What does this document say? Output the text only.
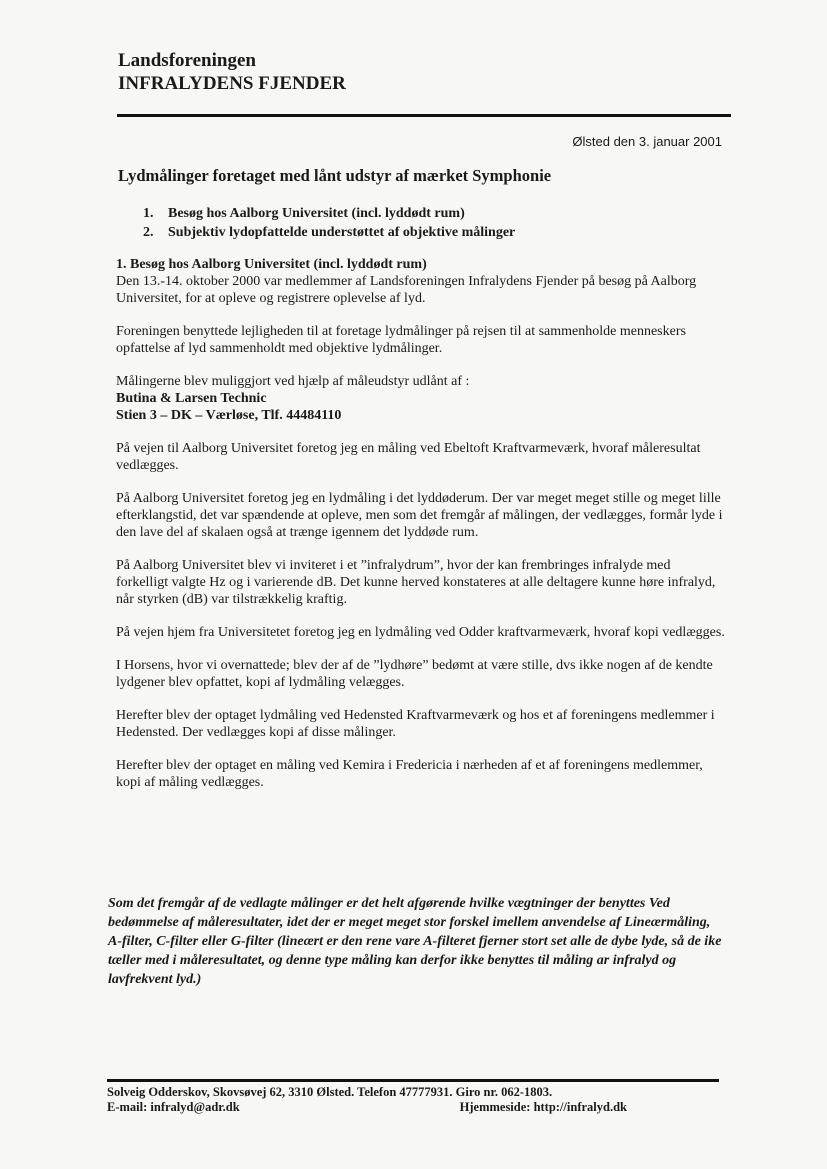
Landsforeningen
INFRALYDENS FJENDER
Ølsted den 3. januar 2001
Lydmålinger foretaget med lånt udstyr af mærket Symphonie
1. Besøg hos Aalborg Universitet (incl. lyddødt rum)
2. Subjektiv lydopfattelde understøttet af objektive målinger

1. Besøg hos Aalborg Universitet (incl. lyddødt rum)
Den 13.-14. oktober 2000 var medlemmer af Landsforeningen Infralydens Fjender på besøg på Aalborg Universitet, for at opleve og registrere oplevelse af lyd.

Foreningen benyttede lejligheden til at foretage lydmålinger på rejsen til at sammenholde menneskers opfattelse af lyd sammenholdt med objektive lydmålinger.

Målingerne blev muliggjort ved hjælp af måleudstyr udlånt af :
Butina & Larsen Technic
Stien 3 – DK – Værløse, Tlf. 44484110

På vejen til Aalborg Universitet foretog jeg en måling ved Ebeltoft Kraftvarmeværk, hvoraf måleresultat vedlægges.

På Aalborg Universitet foretog jeg en lydmåling i det lyddøderum. Der var meget meget stille og meget lille efterklangstid, det var spændende at opleve, men som det fremgår af målingen, der vedlægges, formår lyde i den lave del af skalaen også at trænge igennem det lyddøde rum.

På Aalborg Universitet blev vi inviteret i et ”infralydrum”, hvor der kan frembringes infralyde med forkelligt valgte Hz og i varierende dB. Det kunne herved konstateres at alle deltagere kunne høre infralyd, når styrken (dB) var tilstrækkelig kraftig.

På vejen hjem fra Universitetet foretog jeg en lydmåling ved Odder kraftvarmeværk, hvoraf kopi vedlægges.

I Horsens, hvor vi overnattede; blev der af de ”lydhøre” bedømt at være stille, dvs ikke nogen af de kendte lydgener blev opfattet, kopi af lydmåling velægges.

Herefter blev der optaget lydmåling ved Hedensted Kraftvarmeværk og hos et af foreningens medlemmer i Hedensted. Der vedlægges kopi af disse målinger.

Herefter blev der optaget en måling ved Kemira i Fredericia i nærheden af et af foreningens medlemmer, kopi af måling vedlægges.

Som det fremgår af de vedlagte målinger er det helt afgørende hvilke vægtninger der benyttes Ved bedømmelse af måleresultater, idet der er meget meget stor forskel imellem anvendelse af Lineærmåling, A-filter, C-filter eller G-filter (lineært er den rene vare A-filteret fjerner stort set alle de dybe lyde, så de ike tæller med i måleresultatet, og denne type måling kan derfor ikke benyttes til måling ar infralyd og lavfrekvent lyd.)
Solveig Odderskov, Skovsøvej 62, 3310 Ølsted. Telefon 47777931. Giro nr. 062-1803.
E-mail: infralyd@adr.dk	Hjemmeside: http://infralyd.dk
